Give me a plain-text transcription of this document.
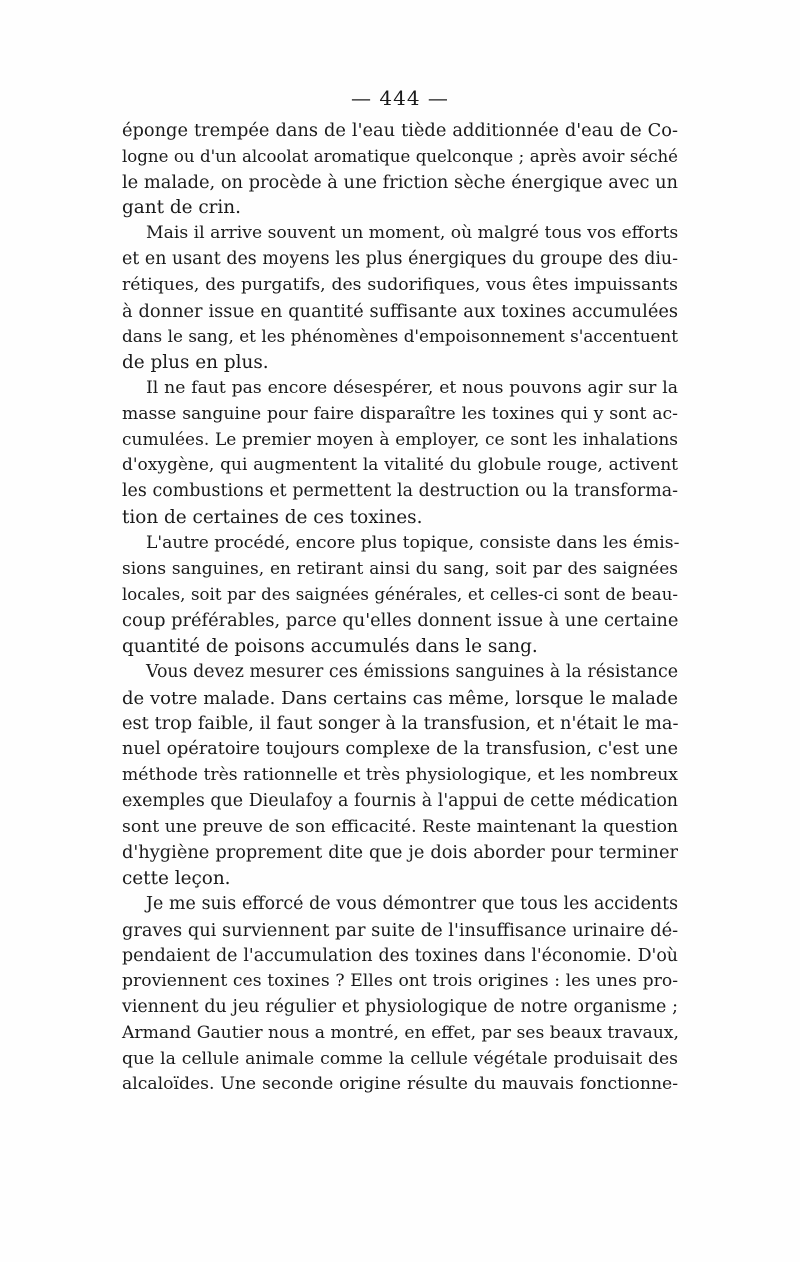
— 444 —
éponge trempée dans de l'eau tiède additionnée d'eau de Co-
logne ou d'un alcoolat aromatique quelconque ; après avoir séché
le malade, on procède à une friction sèche énergique avec un
gant de crin.
Mais il arrive souvent un moment, où malgré tous vos efforts
et en usant des moyens les plus énergiques du groupe des diu-
rétiques, des purgatifs, des sudorifiques, vous êtes impuissants
à donner issue en quantité suffisante aux toxines accumulées
dans le sang, et les phénomènes d'empoisonnement s'accentuent
de plus en plus.
Il ne faut pas encore désespérer, et nous pouvons agir sur la
masse sanguine pour faire disparaître les toxines qui y sont ac-
cumulées. Le premier moyen à employer, ce sont les inhalations
d'oxygène, qui augmentent la vitalité du globule rouge, activent
les combustions et permettent la destruction ou la transforma-
tion de certaines de ces toxines.
L'autre procédé, encore plus topique, consiste dans les émis-
sions sanguines, en retirant ainsi du sang, soit par des saignées
locales, soit par des saignées générales, et celles-ci sont de beau-
coup préférables, parce qu'elles donnent issue à une certaine
quantité de poisons accumulés dans le sang.
Vous devez mesurer ces émissions sanguines à la résistance
de votre malade. Dans certains cas même, lorsque le malade
est trop faible, il faut songer à la transfusion, et n'était le ma-
nuel opératoire toujours complexe de la transfusion, c'est une
méthode très rationnelle et très physiologique, et les nombreux
exemples que Dieulafoy a fournis à l'appui de cette médication
sont une preuve de son efficacité. Reste maintenant la question
d'hygiène proprement dite que je dois aborder pour terminer
cette leçon.
Je me suis efforcé de vous démontrer que tous les accidents
graves qui surviennent par suite de l'insuffisance urinaire dé-
pendaient de l'accumulation des toxines dans l'économie. D'où
proviennent ces toxines ? Elles ont trois origines : les unes pro-
viennent du jeu régulier et physiologique de notre organisme ;
Armand Gautier nous a montré, en effet, par ses beaux travaux,
que la cellule animale comme la cellule végétale produisait des
alcaloïdes. Une seconde origine résulte du mauvais fonctionne-
